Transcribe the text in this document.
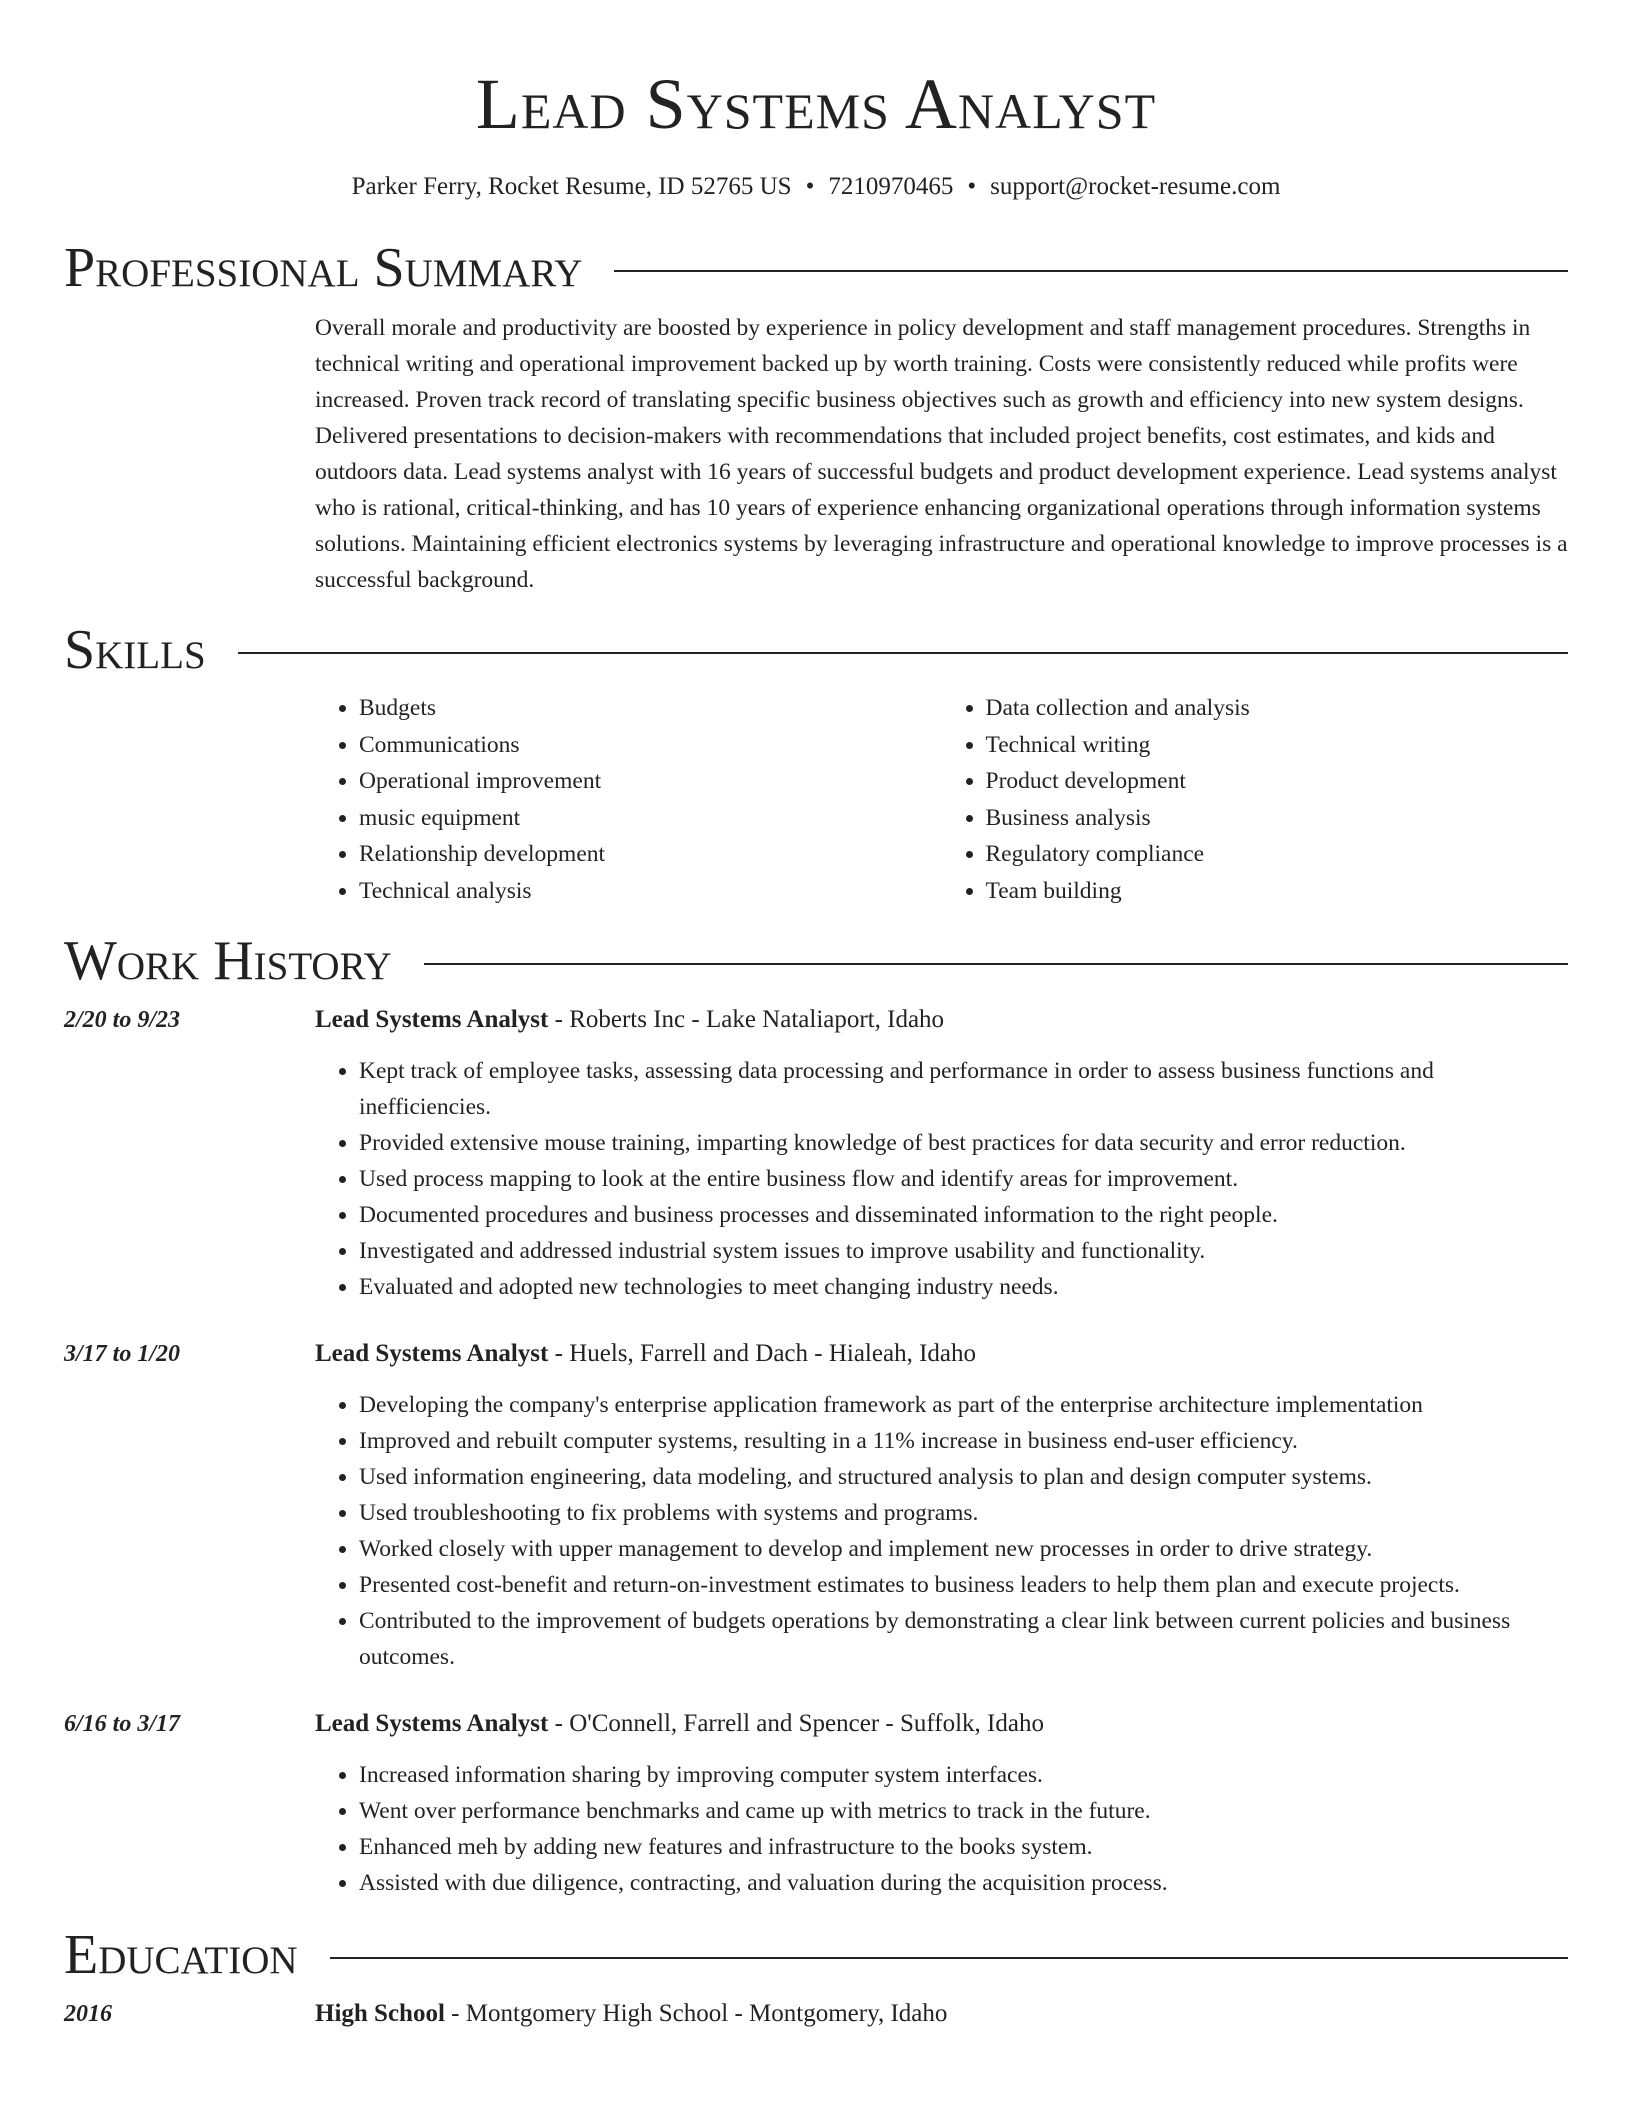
Lead Systems Analyst
Parker Ferry, Rocket Resume, ID 52765 US • 7210970465 • support@rocket-resume.com
Professional Summary

Overall morale and productivity are boosted by experience in policy development and staff management procedures. Strengths in technical writing and operational improvement backed up by worth training. Costs were consistently reduced while profits were increased. Proven track record of translating specific business objectives such as growth and efficiency into new system designs. Delivered presentations to decision-makers with recommendations that included project benefits, cost estimates, and kids and outdoors data. Lead systems analyst with 16 years of successful budgets and product development experience. Lead systems analyst who is rational, critical-thinking, and has 10 years of experience enhancing organizational operations through information systems solutions. Maintaining efficient electronics systems by leveraging infrastructure and operational knowledge to improve processes is a successful background.

Skills
• Budgets
• Communications
• Operational improvement
• music equipment
• Relationship development
• Technical analysis
• Data collection and analysis
• Technical writing
• Product development
• Business analysis
• Regulatory compliance
• Team building
Work History
2/20 to 9/23	Lead Systems Analyst - Roberts Inc - Lake Nataliaport, Idaho
• Kept track of employee tasks, assessing data processing and performance in order to assess business functions and inefficiencies.
• Provided extensive mouse training, imparting knowledge of best practices for data security and error reduction.
• Used process mapping to look at the entire business flow and identify areas for improvement.
• Documented procedures and business processes and disseminated information to the right people.
• Investigated and addressed industrial system issues to improve usability and functionality.
• Evaluated and adopted new technologies to meet changing industry needs.
3/17 to 1/20	Lead Systems Analyst - Huels, Farrell and Dach - Hialeah, Idaho
• Developing the company's enterprise application framework as part of the enterprise architecture implementation
• Improved and rebuilt computer systems, resulting in a 11% increase in business end-user efficiency.
• Used information engineering, data modeling, and structured analysis to plan and design computer systems.
• Used troubleshooting to fix problems with systems and programs.
• Worked closely with upper management to develop and implement new processes in order to drive strategy.
• Presented cost-benefit and return-on-investment estimates to business leaders to help them plan and execute projects.
• Contributed to the improvement of budgets operations by demonstrating a clear link between current policies and business outcomes.
6/16 to 3/17	Lead Systems Analyst - O'Connell, Farrell and Spencer - Suffolk, Idaho
• Increased information sharing by improving computer system interfaces.
• Went over performance benchmarks and came up with metrics to track in the future.
• Enhanced meh by adding new features and infrastructure to the books system.
• Assisted with due diligence, contracting, and valuation during the acquisition process.
Education
2016	High School - Montgomery High School - Montgomery, Idaho
